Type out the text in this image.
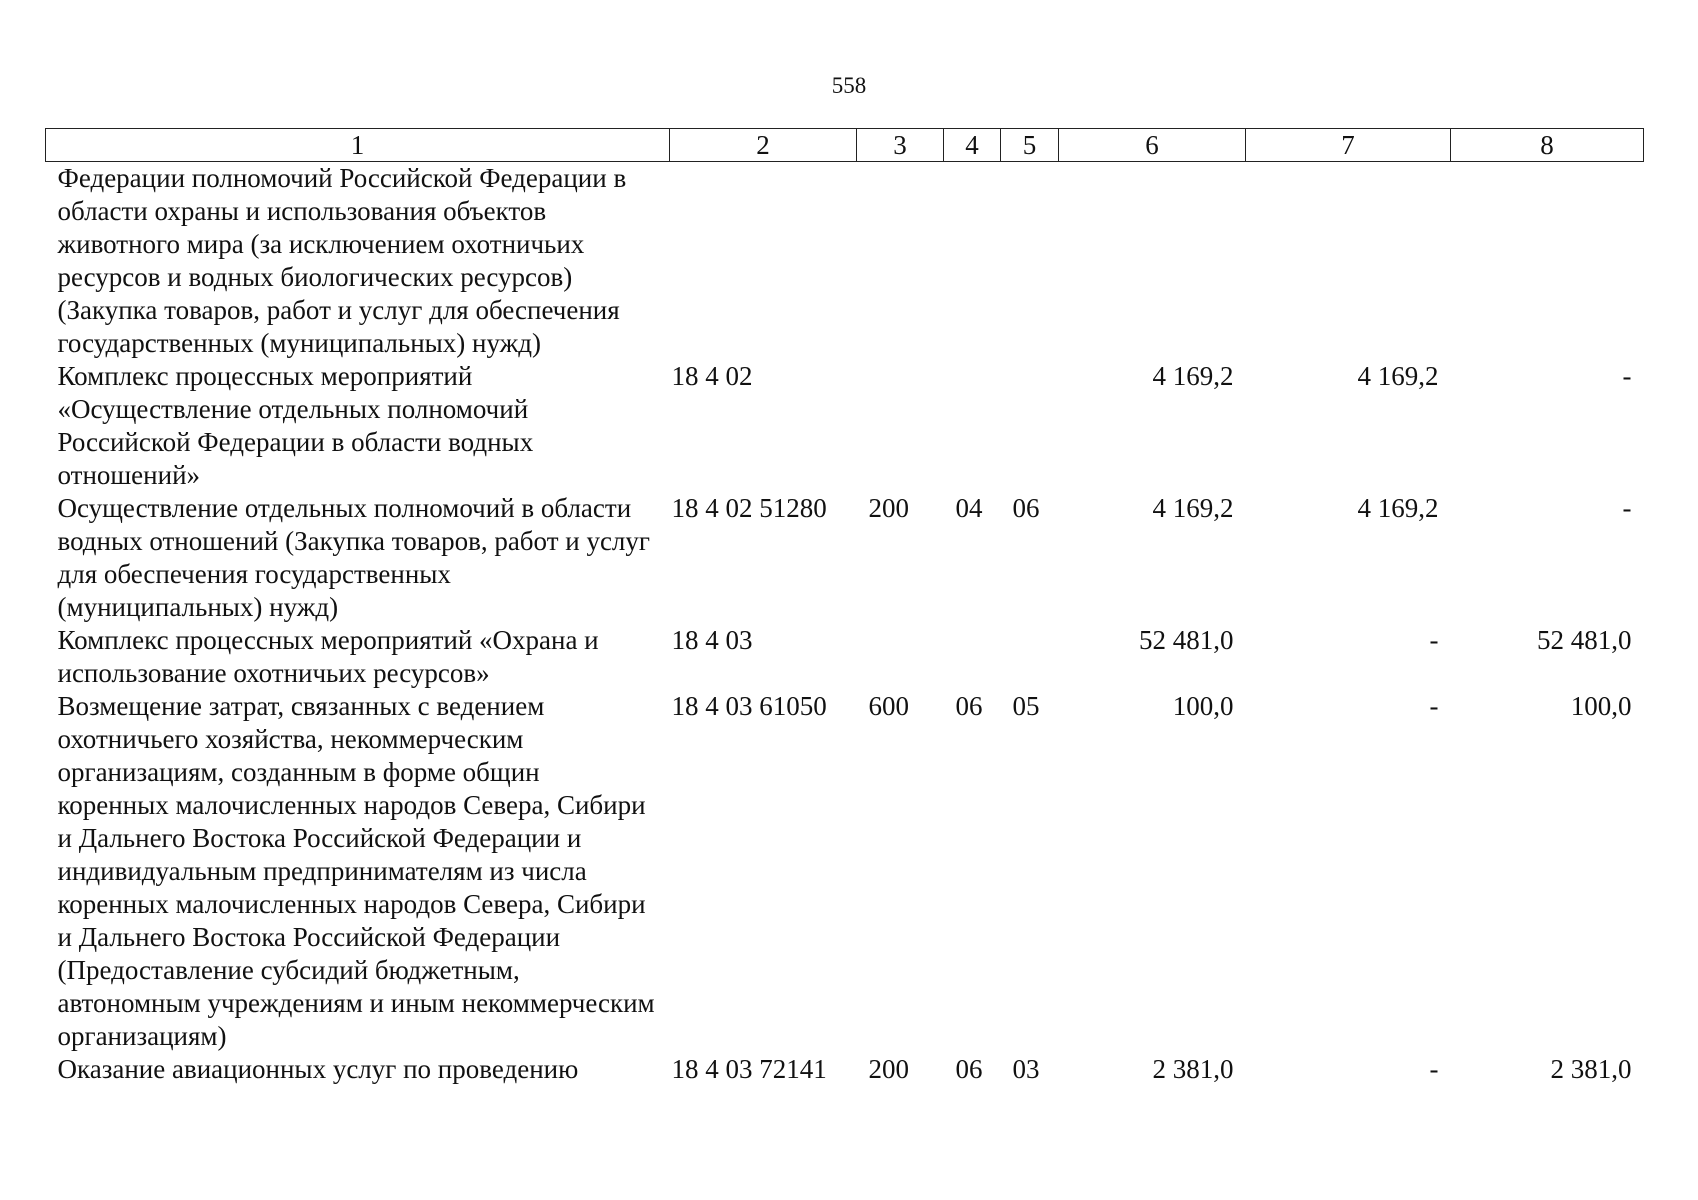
558
1	2	3	4	5	6	7	8
Федерации полномочий Российской Федерации в области охраны и использования объектов животного мира (за исключением охотничьих ресурсов и водных биологических ресурсов) (Закупка товаров, работ и услуг для обеспечения государственных (муниципальных) нужд)							
Комплекс процессных мероприятий «Осуществление отдельных полномочий Российской Федерации в области водных отношений»	18 4 02				4 169,2	4 169,2	-
Осуществление отдельных полномочий в области водных отношений (Закупка товаров, работ и услуг для обеспечения государственных (муниципальных) нужд)	18 4 02 51280	200	04	06	4 169,2	4 169,2	-
Комплекс процессных мероприятий «Охрана и использование охотничьих ресурсов»	18 4 03				52 481,0	-	52 481,0
Возмещение затрат, связанных с ведением охотничьего хозяйства, некоммерческим организациям, созданным в форме общин коренных малочисленных народов Севера, Сибири и Дальнего Востока Российской Федерации и индивидуальным предпринимателям из числа коренных малочисленных народов Севера, Сибири и Дальнего Востока Российской Федерации (Предоставление субсидий бюджетным, автономным учреждениям и иным некоммерческим организациям)	18 4 03 61050	600	06	05	100,0	-	100,0
Оказание авиационных услуг по проведению	18 4 03 72141	200	06	03	2 381,0	-	2 381,0
